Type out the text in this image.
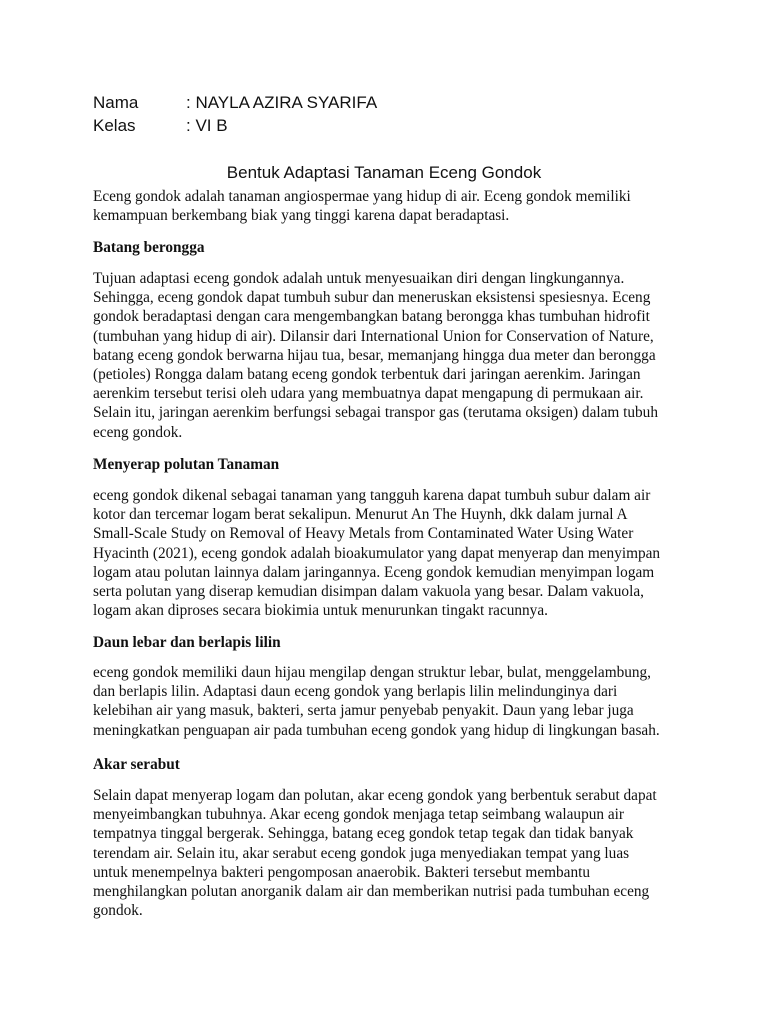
Nama	: NAYLA AZIRA SYARIFA
Kelas	: VI B
Bentuk Adaptasi Tanaman Eceng Gondok
Eceng gondok adalah tanaman angiospermae yang hidup di air. Eceng gondok memiliki
kemampuan berkembang biak yang tinggi karena dapat beradaptasi.
Batang berongga
Tujuan adaptasi eceng gondok adalah untuk menyesuaikan diri dengan lingkungannya.
Sehingga, eceng gondok dapat tumbuh subur dan meneruskan eksistensi spesiesnya. Eceng
gondok beradaptasi dengan cara mengembangkan batang berongga khas tumbuhan hidrofit
(tumbuhan yang hidup di air). Dilansir dari International Union for Conservation of Nature,
batang eceng gondok berwarna hijau tua, besar, memanjang hingga dua meter dan berongga
(petioles) Rongga dalam batang eceng gondok terbentuk dari jaringan aerenkim. Jaringan
aerenkim tersebut terisi oleh udara yang membuatnya dapat mengapung di permukaan air.
Selain itu, jaringan aerenkim berfungsi sebagai transpor gas (terutama oksigen) dalam tubuh
eceng gondok.
Menyerap polutan Tanaman
eceng gondok dikenal sebagai tanaman yang tangguh karena dapat tumbuh subur dalam air
kotor dan tercemar logam berat sekalipun. Menurut An The Huynh, dkk dalam jurnal A
Small-Scale Study on Removal of Heavy Metals from Contaminated Water Using Water
Hyacinth (2021), eceng gondok adalah bioakumulator yang dapat menyerap dan menyimpan
logam atau polutan lainnya dalam jaringannya. Eceng gondok kemudian menyimpan logam
serta polutan yang diserap kemudian disimpan dalam vakuola yang besar. Dalam vakuola,
logam akan diproses secara biokimia untuk menurunkan tingakt racunnya.
Daun lebar dan berlapis lilin
eceng gondok memiliki daun hijau mengilap dengan struktur lebar, bulat, menggelambung,
dan berlapis lilin. Adaptasi daun eceng gondok yang berlapis lilin melindunginya dari
kelebihan air yang masuk, bakteri, serta jamur penyebab penyakit. Daun yang lebar juga
meningkatkan penguapan air pada tumbuhan eceng gondok yang hidup di lingkungan basah.
Akar serabut
Selain dapat menyerap logam dan polutan, akar eceng gondok yang berbentuk serabut dapat
menyeimbangkan tubuhnya. Akar eceng gondok menjaga tetap seimbang walaupun air
tempatnya tinggal bergerak. Sehingga, batang eceg gondok tetap tegak dan tidak banyak
terendam air. Selain itu, akar serabut eceng gondok juga menyediakan tempat yang luas
untuk menempelnya bakteri pengomposan anaerobik. Bakteri tersebut membantu
menghilangkan polutan anorganik dalam air dan memberikan nutrisi pada tumbuhan eceng
gondok.
